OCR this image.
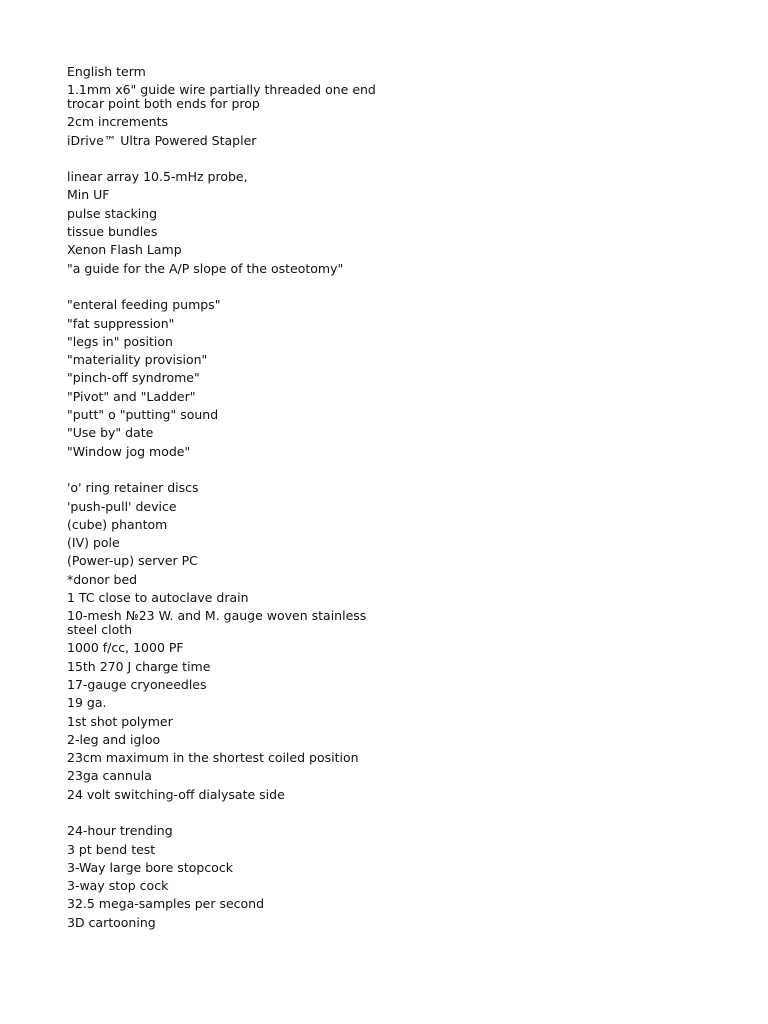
English term
1.1mm x6" guide wire partially threaded one end trocar point both ends for prop
2cm increments
iDrive™ Ultra Powered Stapler
linear array 10.5-mHz probe,
Min UF
pulse stacking
tissue bundles
Xenon Flash Lamp
"a guide for the A/P slope of the osteotomy"
"enteral feeding pumps"
"fat suppression"
"legs in" position
"materiality provision"
"pinch-off syndrome"
"Pivot" and "Ladder"
"putt" o "putting" sound
"Use by" date
"Window jog mode"
'o' ring retainer discs
'push-pull' device
(cube) phantom
(IV) pole
(Power-up) server PC
*donor bed
1 TC close to autoclave drain
10-mesh №23 W. and M. gauge woven stainless steel cloth
1000 f/cc, 1000 PF
15th 270 J charge time
17-gauge cryoneedles
19 ga.
1st shot polymer
2-leg and igloo
23cm maximum in the shortest coiled position
23ga cannula
24 volt switching-off dialysate side
24-hour trending
3 pt bend test
3-Way large bore stopcock
3-way stop cock
32.5 mega-samples per second
3D cartooning
